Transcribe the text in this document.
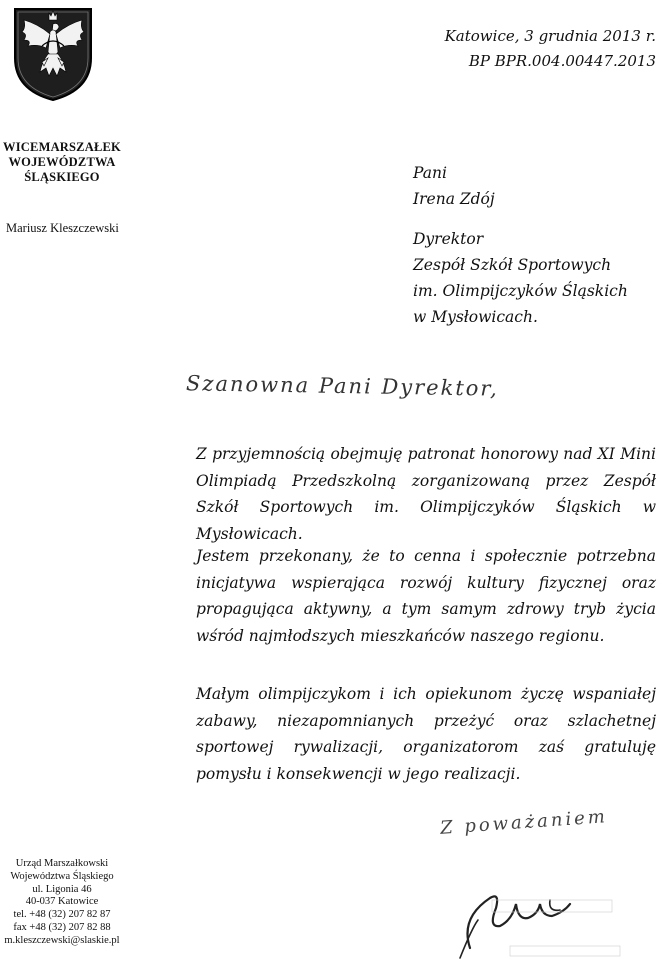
WICEMARSZAŁEK
WOJEWÓDZTWA
ŚLĄSKIEGO
Mariusz Kleszczewski
Katowice, 3 grudnia 2013 r.
BP BPR.004.00447.2013
Pani
Irena Zdój
Dyrektor
Zespół Szkół Sportowych
im. Olimpijczyków Śląskich
w Mysłowicach.
Szanowna Pani Dyrektor,

Z przyjemnością obejmuję patronat honorowy nad XI Mini Olimpiadą Przedszkolną zorganizowaną przez Zespół Szkół Sportowych im. Olimpijczyków Śląskich w Mysłowicach.

Jestem przekonany, że to cenna i społecznie potrzebna inicjatywa wspierająca rozwój kultury fizycznej oraz propagująca aktywny, a tym samym zdrowy tryb życia wśród najmłodszych mieszkańców naszego regionu.

Małym olimpijczykom i ich opiekunom życzę wspaniałej zabawy, niezapomnianych przeżyć oraz szlachetnej sportowej rywalizacji, organizatorom zaś gratuluję pomysłu i konsekwencji w jego realizacji.

Z poważaniem
Urząd Marszałkowski
Województwa Śląskiego
ul. Ligonia 46
40-037 Katowice
tel. +48 (32) 207 82 87
fax +48 (32) 207 82 88
m.kleszczewski@slaskie.pl
